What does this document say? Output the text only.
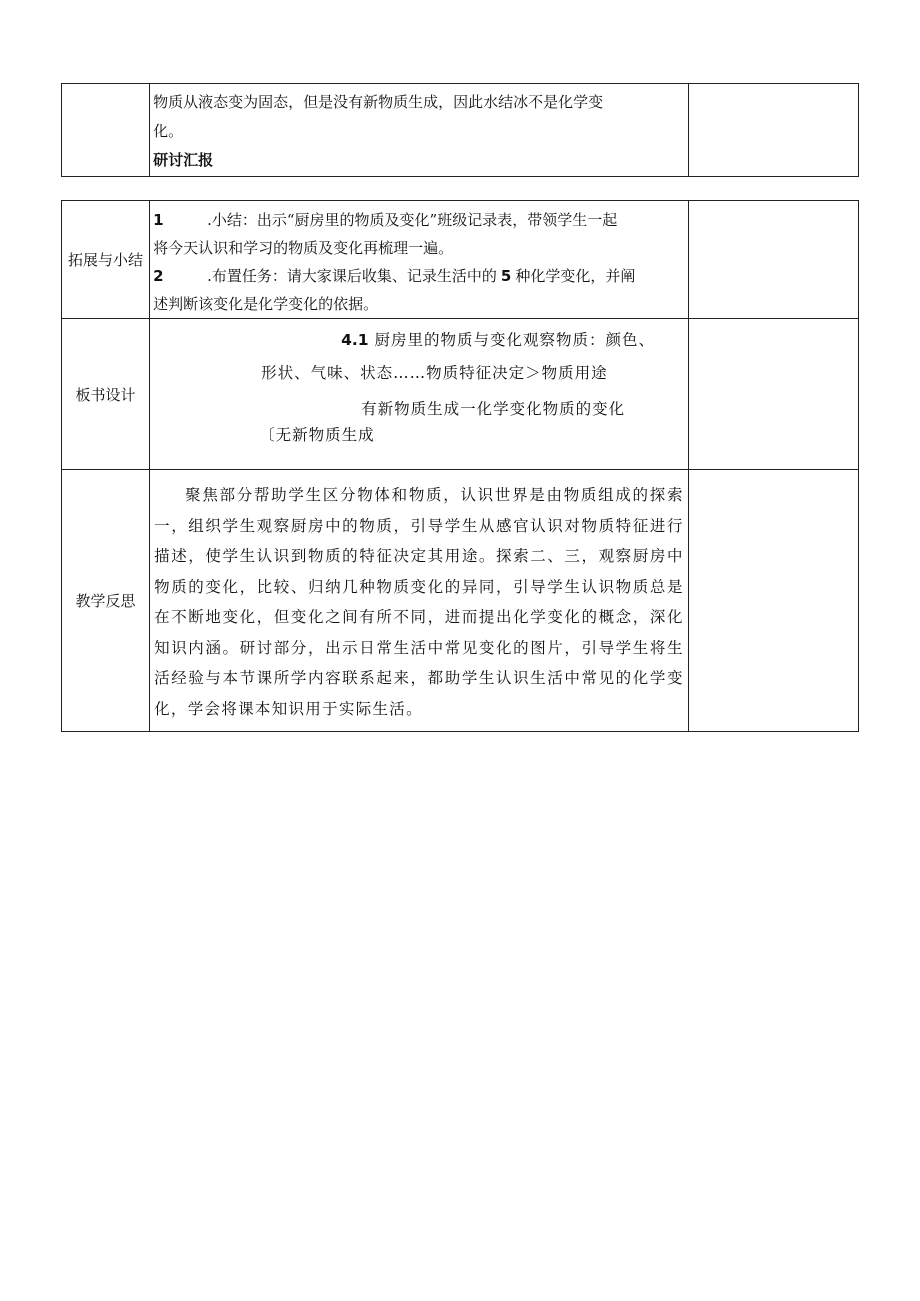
物质从液态变为固态，但是没有新物质生成，因此水结冰不是化学变
化。
研讨汇报

拓展与小结	1 .小结：出示“厨房里的物质及变化”班级记录表，带领学生一起
将今天认识和学习的物质及变化再梳理一遍。
2 .布置任务：请大家课后收集、记录生活中的 5 种化学变化，并阐
述判断该变化是化学变化的依据。	

板书设计	4.1 厨房里的物质与变化观察物质：颜色、
形状、气味、状态……物质特征决定＞物质用途
有新物质生成一化学变化物质的变化
〔无新物质生成	

教学反思	聚焦部分帮助学生区分物体和物质，认识世界是由物质组成的探索一，组织学生观察厨房中的物质，引导学生从感官认识对物质特征进行描述，使学生认识到物质的特征决定其用途。探索二、三，观察厨房中物质的变化，比较、归纳几种物质变化的异同，引导学生认识物质总是在不断地变化，但变化之间有所不同，进而提出化学变化的概念，深化知识内涵。研讨部分，出示日常生活中常见变化的图片，引导学生将生活经验与本节课所学内容联系起来，都助学生认识生活中常见的化学变化，学会将课本知识用于实际生活。	
